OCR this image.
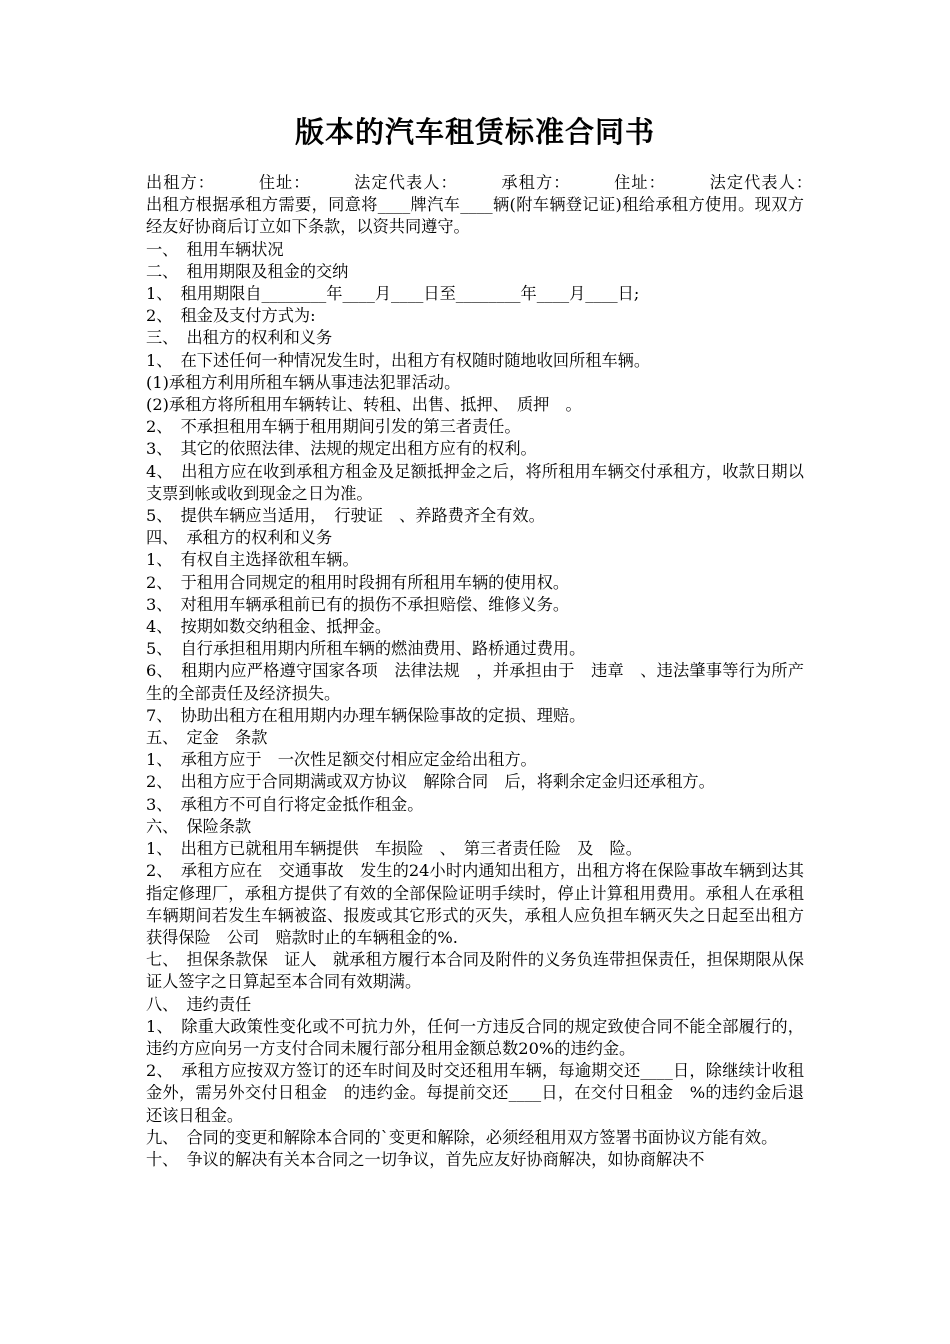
版本的汽车租赁标准合同书

出租方：　　　住址：　　　法定代表人：　　　承租方：　　　住址：　　　法定代表人：　　出租方根据承租方需要，同意将____牌汽车____辆(附车辆登记证)租给承租方使用。现双方经友好协商后订立如下条款，以资共同遵守。

一、　租用车辆状况

二、　租用期限及租金的交纳

1、　租用期限自________年____月____日至________年____月____日;

2、　租金及支付方式为:

三、　出租方的权利和义务

1、　在下述任何一种情况发生时，出租方有权随时随地收回所租车辆。

(1)承租方利用所租车辆从事违法犯罪活动。

(2)承租方将所租用车辆转让、转租、出售、抵押、　质押　。

2、　不承担租用车辆于租用期间引发的第三者责任。

3、　其它的依照法律、法规的规定出租方应有的权利。

4、　出租方应在收到承租方租金及足额抵押金之后，将所租用车辆交付承租方，收款日期以支票到帐或收到现金之日为准。

5、　提供车辆应当适用，　行驶证　、养路费齐全有效。

四、　承租方的权利和义务

1、　有权自主选择欲租车辆。

2、　于租用合同规定的租用时段拥有所租用车辆的使用权。

3、　对租用车辆承租前已有的损伤不承担赔偿、维修义务。

4、　按期如数交纳租金、抵押金。

5、　自行承担租用期内所租车辆的燃油费用、路桥通过费用。

6、　租期内应严格遵守国家各项　法律法规　，并承担由于　违章　、违法肇事等行为所产生的全部责任及经济损失。

7、　协助出租方在租用期内办理车辆保险事故的定损、理赔。

五、　定金　条款

1、　承租方应于　一次性足额交付相应定金给出租方。

2、　出租方应于合同期满或双方协议　解除合同　后，将剩余定金归还承租方。

3、　承租方不可自行将定金抵作租金。

六、　保险条款

1、　出租方已就租用车辆提供　车损险　、　第三者责任险　及　险。

2、　承租方应在　交通事故　发生的24小时内通知出租方，出租方将在保险事故车辆到达其指定修理厂，承租方提供了有效的全部保险证明手续时，停止计算租用费用。承租人在承租车辆期间若发生车辆被盗、报废或其它形式的灭失，承租人应负担车辆灭失之日起至出租方获得保险　公司　赔款时止的车辆租金的%.

七、　担保条款保　证人　就承租方履行本合同及附件的义务负连带担保责任，担保期限从保证人签字之日算起至本合同有效期满。

八、　违约责任

1、　除重大政策性变化或不可抗力外，任何一方违反合同的规定致使合同不能全部履行的，违约方应向另一方支付合同未履行部分租用金额总数20%的违约金。

2、　承租方应按双方签订的还车时间及时交还租用车辆，每逾期交还____日，除继续计收租金外，需另外交付日租金　的违约金。每提前交还____日，在交付日租金　%的违约金后退还该日租金。

九、　合同的变更和解除本合同的`变更和解除，必须经租用双方签署书面协议方能有效。

十、　争议的解决有关本合同之一切争议，首先应友好协商解决，如协商解决不
